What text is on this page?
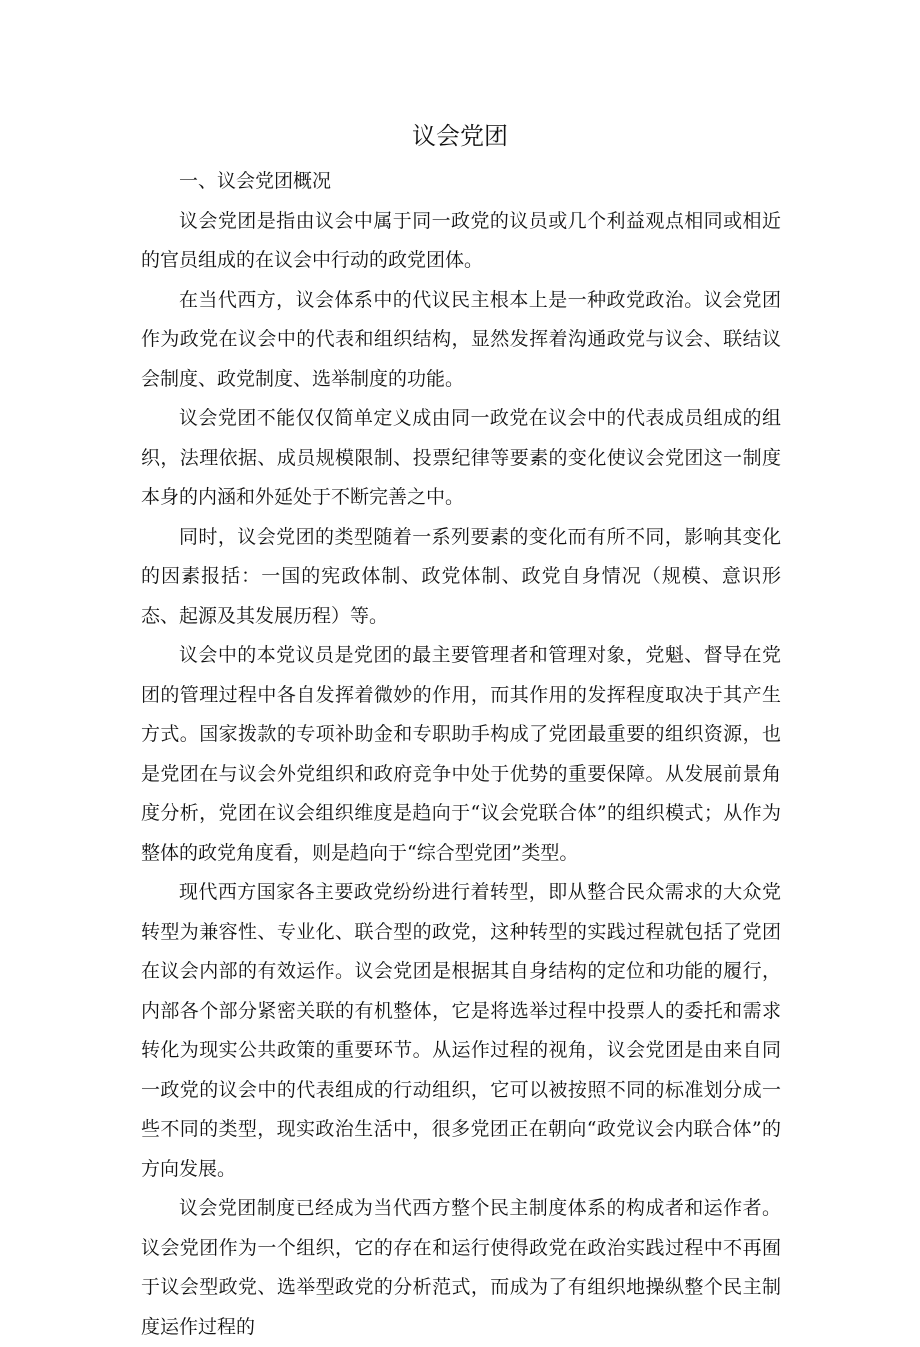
议会党团

一、议会党团概况

议会党团是指由议会中属于同一政党的议员或几个利益观点相同或相近的官员组成的在议会中行动的政党团体。

在当代西方，议会体系中的代议民主根本上是一种政党政治。议会党团作为政党在议会中的代表和组织结构，显然发挥着沟通政党与议会、联结议会制度、政党制度、选举制度的功能。

议会党团不能仅仅简单定义成由同一政党在议会中的代表成员组成的组织，法理依据、成员规模限制、投票纪律等要素的变化使议会党团这一制度本身的内涵和外延处于不断完善之中。

同时，议会党团的类型随着一系列要素的变化而有所不同，影响其变化的因素报括：一国的宪政体制、政党体制、政党自身情况（规模、意识形态、起源及其发展历程）等。

议会中的本党议员是党团的最主要管理者和管理对象，党魁、督导在党团的管理过程中各自发挥着微妙的作用，而其作用的发挥程度取决于其产生方式。国家拨款的专项补助金和专职助手构成了党团最重要的组织资源，也是党团在与议会外党组织和政府竞争中处于优势的重要保障。从发展前景角度分析，党团在议会组织维度是趋向于“议会党联合体”的组织模式；从作为整体的政党角度看，则是趋向于“综合型党团”类型。

现代西方国家各主要政党纷纷进行着转型，即从整合民众需求的大众党转型为兼容性、专业化、联合型的政党，这种转型的实践过程就包括了党团在议会内部的有效运作。议会党团是根据其自身结构的定位和功能的履行，内部各个部分紧密关联的有机整体，它是将选举过程中投票人的委托和需求转化为现实公共政策的重要环节。从运作过程的视角，议会党团是由来自同一政党的议会中的代表组成的行动组织，它可以被按照不同的标准划分成一些不同的类型，现实政治生活中，很多党团正在朝向“政党议会内联合体”的方向发展。

议会党团制度已经成为当代西方整个民主制度体系的构成者和运作者。议会党团作为一个组织，它的存在和运行使得政党在政治实践过程中不再囿于议会型政党、选举型政党的分析范式，而成为了有组织地操纵整个民主制度运作过程的
